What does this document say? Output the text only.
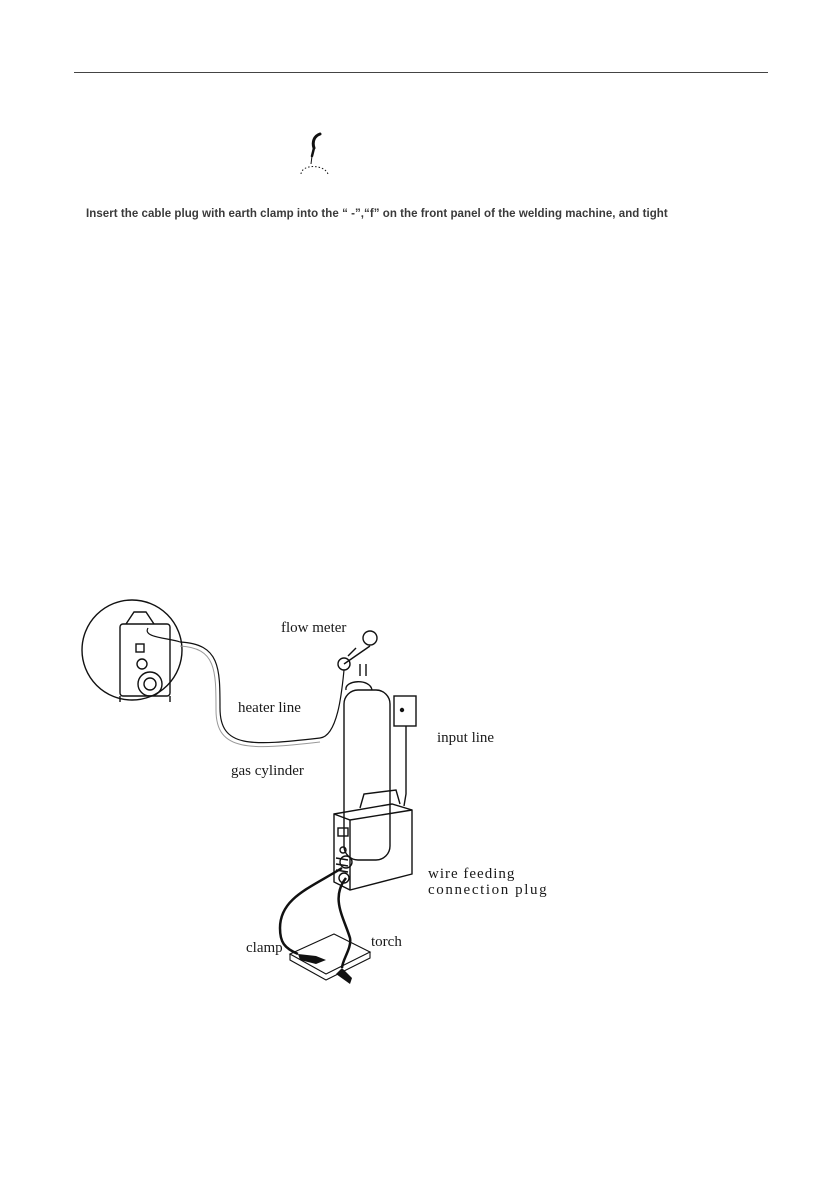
Insert the cable plug with earth clamp into the “ -”,“f” on the front panel of the welding machine, and tight
flow meter
heater line
input line
gas cylinder
wire feeding
connection plug
clamp	torch
